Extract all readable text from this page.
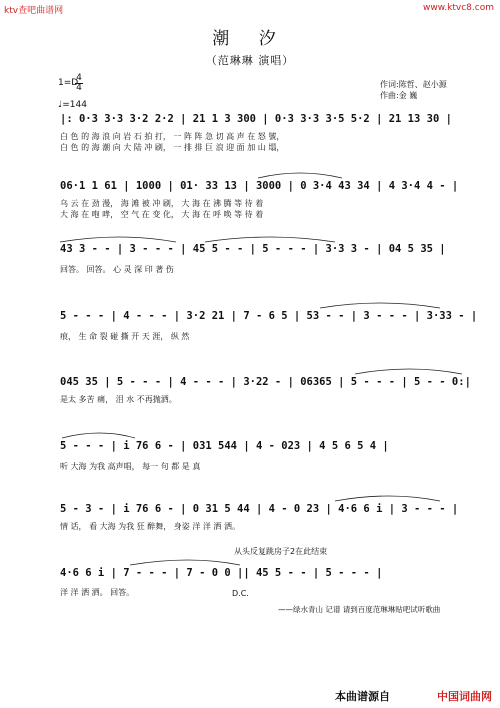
ktv查吧曲谱网	www.ktvc8.com
潮 汐
（范琳琳 演唱）
1=D
4
4
♩=144
作词:陈哲、赵小源
作曲:金 巍
|: 0·3 3·3 3·2 2·2 | 21 1 3 300 | 0·3 3·3 3·5 5·2 | 21 13 30 |
白 色 的 海 浪 向 岩 石 拍 打， 一 阵 阵 急 切 高 声 在 怒 號，
白 色 的 海 潮 向 大 陆 冲 刷， 一 排 排 巨 浪 迎 面 加 山 塌，
06·1 1 61 | 1000 | 01· 33 13 | 3000 | 0 3·4 43 34 | 4 3·4 4 - |
乌 云 在 劲 漫， 海 滩 被 冲 刷， 大 海 在 沸 腾 等 待 着
大 海 在 咆 哮， 空 气 在 变 化， 大 海 在 呼 唤 等 待 着
43 3 - - | 3 - - - | 45 5 - - | 5 - - - | 3·3 3 - | 04 5 35 |
回答。 回答。 心 灵 深 印 著 伤
5 - - - | 4 - - - | 3·2 21 | 7 - 6 5 | 53 - - | 3 - - - | 3·33 - |
痕， 生 命 裂 碰 撕 开 天 涯， 纵 然
045 35 | 5 - - - | 4 - - - | 3·22 - | 06365 | 5 - - - | 5 - - 0:|
是太 多苦 痛， 泪 水 不再抛洒。
5 - - - | i 76 6 - | 031 544 | 4 - 023 | 4 5 6 5 4 |
听 大海 为我 高声唱， 每一 句 都 是 真
5 - 3 - | i 76 6 - | 0 31 5 44 | 4 - 0 23 | 4·6 6 i | 3 - - - |
情 话， 看 大海 为我 狂 醉舞， 身姿 洋 洋 洒 洒。
4·6 6 i | 7 - - - | 7 - 0 0 || 45 5 - - | 5 - - - |
洋 洋 洒 洒。 回答。
从头反复跳房子2在此结束
D.C.
——绿水青山 记谱 请到百度范琳琳贴吧试听歌曲
本曲谱源自	中国词曲网
